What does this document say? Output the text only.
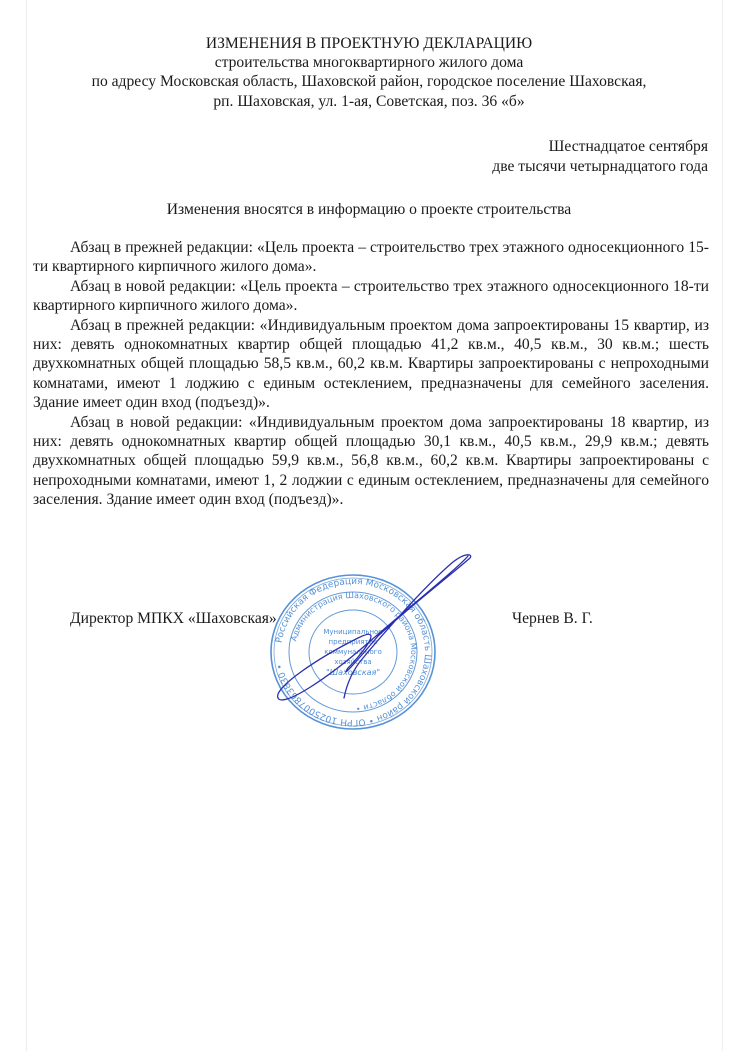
ИЗМЕНЕНИЯ В ПРОЕКТНУЮ ДЕКЛАРАЦИЮ
строительства многоквартирного жилого дома
по адресу Московская область, Шаховской район, городское поселение Шаховская,
рп. Шаховская, ул. 1-ая, Советская, поз. 36 «б»
Шестнадцатое сентября
две тысячи четырнадцатого года
Изменения вносятся в информацию о проекте строительства

Абзац в прежней редакции: «Цель проекта – строительство трех этажного односекционного 15-ти квартирного кирпичного жилого дома».

Абзац в новой редакции: «Цель проекта – строительство трех этажного односекционного 18-ти квартирного кирпичного жилого дома».

Абзац в прежней редакции: «Индивидуальным проектом дома запроектированы 15 квартир, из них: девять однокомнатных квартир общей площадью 41,2 кв.м., 40,5 кв.м., 30 кв.м.; шесть двухкомнатных общей площадью 58,5 кв.м., 60,2 кв.м. Квартиры запроектированы с непроходными комнатами, имеют 1 лоджию с единым остеклением, предназначены для семейного заселения. Здание имеет один вход (подъезд)».

Абзац в новой редакции: «Индивидуальным проектом дома запроектированы 18 квартир, из них: девять однокомнатных квартир общей площадью 30,1 кв.м., 40,5 кв.м., 29,9 кв.м.; девять двухкомнатных общей площадью 59,9 кв.м., 56,8 кв.м., 60,2 кв.м. Квартиры запроектированы с непроходными комнатами, имеют 1, 2 лоджии с единым остеклением, предназначены для семейного заселения. Здание имеет один вход (подъезд)».

Российская Федерация Московская область Шаховской район • ОГРН 1025007863830 •
Администрация Шаховского района Московской области •
Муниципальное
предприятие
коммунального
хозяйства
"Шаховская"
Директор МПКХ «Шаховская»	Чернев В. Г.
